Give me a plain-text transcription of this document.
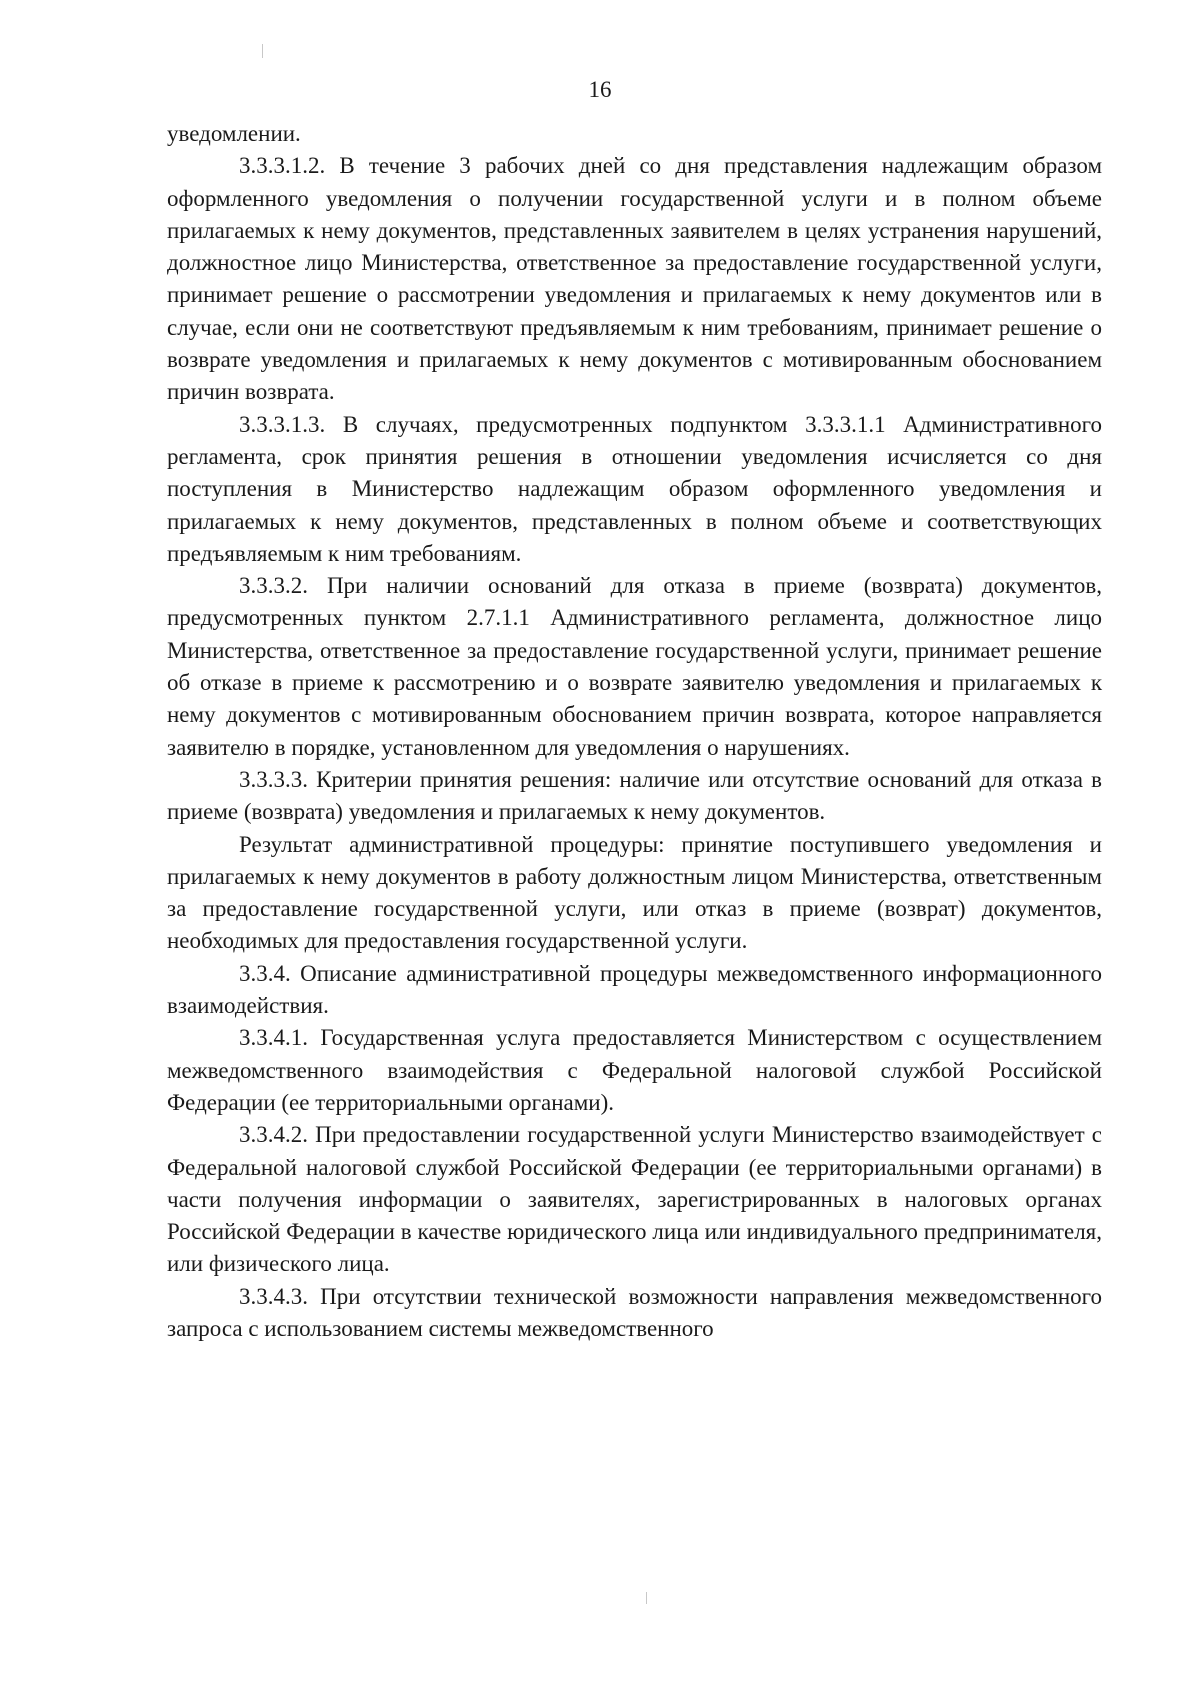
16

уведомлении.

3.3.3.1.2. В течение 3 рабочих дней со дня представления надлежащим образом оформленного уведомления о получении государственной услуги и в полном объеме прилагаемых к нему документов, представленных заявителем в целях устранения нарушений, должностное лицо Министерства, ответственное за предоставление государственной услуги, принимает решение о рассмотрении уведомления и прилагаемых к нему документов или в случае, если они не соответствуют предъявляемым к ним требованиям, принимает решение о возврате уведомления и прилагаемых к нему документов с мотивированным обоснованием причин возврата.

3.3.3.1.3. В случаях, предусмотренных подпунктом 3.3.3.1.1 Административного регламента, срок принятия решения в отношении уведомления исчисляется со дня поступления в Министерство надлежащим образом оформленного уведомления и прилагаемых к нему документов, представленных в полном объеме и соответствующих предъявляемым к ним требованиям.

3.3.3.2. При наличии оснований для отказа в приеме (возврата) документов, предусмотренных пунктом 2.7.1.1 Административного регламента, должностное лицо Министерства, ответственное за предоставление государственной услуги, принимает решение об отказе в приеме к рассмотрению и о возврате заявителю уведомления и прилагаемых к нему документов с мотивированным обоснованием причин возврата, которое направляется заявителю в порядке, установленном для уведомления о нарушениях.

3.3.3.3. Критерии принятия решения: наличие или отсутствие оснований для отказа в приеме (возврата) уведомления и прилагаемых к нему документов.

Результат административной процедуры: принятие поступившего уведомления и прилагаемых к нему документов в работу должностным лицом Министерства, ответственным за предоставление государственной услуги, или отказ в приеме (возврат) документов, необходимых для предоставления государственной услуги.

3.3.4. Описание административной процедуры межведомственного информационного взаимодействия.

3.3.4.1. Государственная услуга предоставляется Министерством с осуществлением межведомственного взаимодействия с Федеральной налоговой службой Российской Федерации (ее территориальными органами).

3.3.4.2. При предоставлении государственной услуги Министерство взаимодействует с Федеральной налоговой службой Российской Федерации (ее территориальными органами) в части получения информации о заявителях, зарегистрированных в налоговых органах Российской Федерации в качестве юридического лица или индивидуального предпринимателя, или физического лица.

3.3.4.3. При отсутствии технической возможности направления межведомственного запроса с использованием системы межведомственного
